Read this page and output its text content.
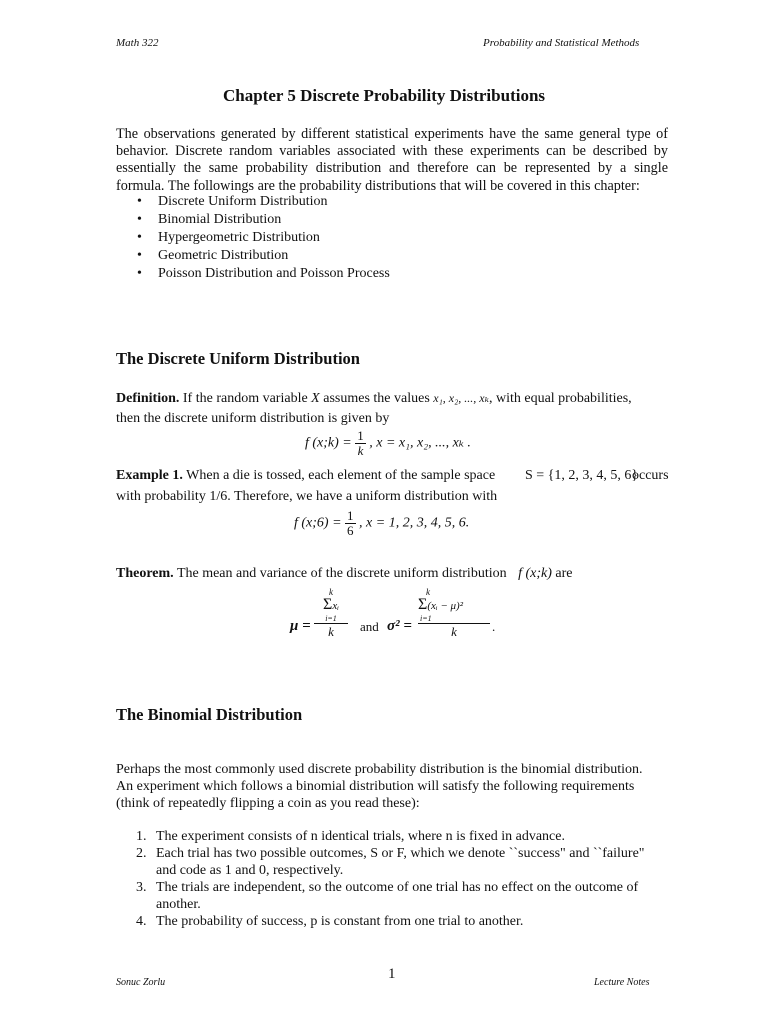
Math 322	Probability and Statistical Methods
Chapter 5 Discrete Probability Distributions
The observations generated by different statistical experiments have the same general type of behavior. Discrete random variables associated with these experiments can be described by essentially the same probability distribution and therefore can be represented by a single formula. The followings are the probability distributions that will be covered in this chapter:
• Discrete Uniform Distribution
• Binomial Distribution
• Hypergeometric Distribution
• Geometric Distribution
• Poisson Distribution and Poisson Process
The Discrete Uniform Distribution
Definition. If the random variable X assumes the values x₁, x₂, ..., xₖ, with equal probabilities,
then the discrete uniform distribution is given by
f (x;k) = $\frac{1}{k}$ , x = x₁, x₂, ..., xₖ .
Example 1. When a die is tossed, each element of the sample space S = {1, 2, 3, 4, 5, 6}
occurs
with probability 1/6. Therefore, we have a uniform distribution with
f (x;6) = $\frac{1}{6}$ , x = 1, 2, 3, 4, 5, 6.
Theorem. The mean and variance of the discrete uniform distribution f (x;k) are
μ =
k
Σxᵢ
i=1
k	and σ² =
k
Σ(xᵢ − μ)²
i=1
k	.
The Binomial Distribution
Perhaps the most commonly used discrete probability distribution is the binomial distribution.
An experiment which follows a binomial distribution will satisfy the following requirements
(think of repeatedly flipping a coin as you read these):
1. The experiment consists of n identical trials, where n is fixed in advance.
2. Each trial has two possible outcomes, S or F, which we denote ``success" and ``failure" and code as 1 and 0, respectively.
3. The trials are independent, so the outcome of one trial has no effect on the outcome of another.
4. The probability of success, p is constant from one trial to another.
Sonuc Zorlu
1
Lecture Notes
